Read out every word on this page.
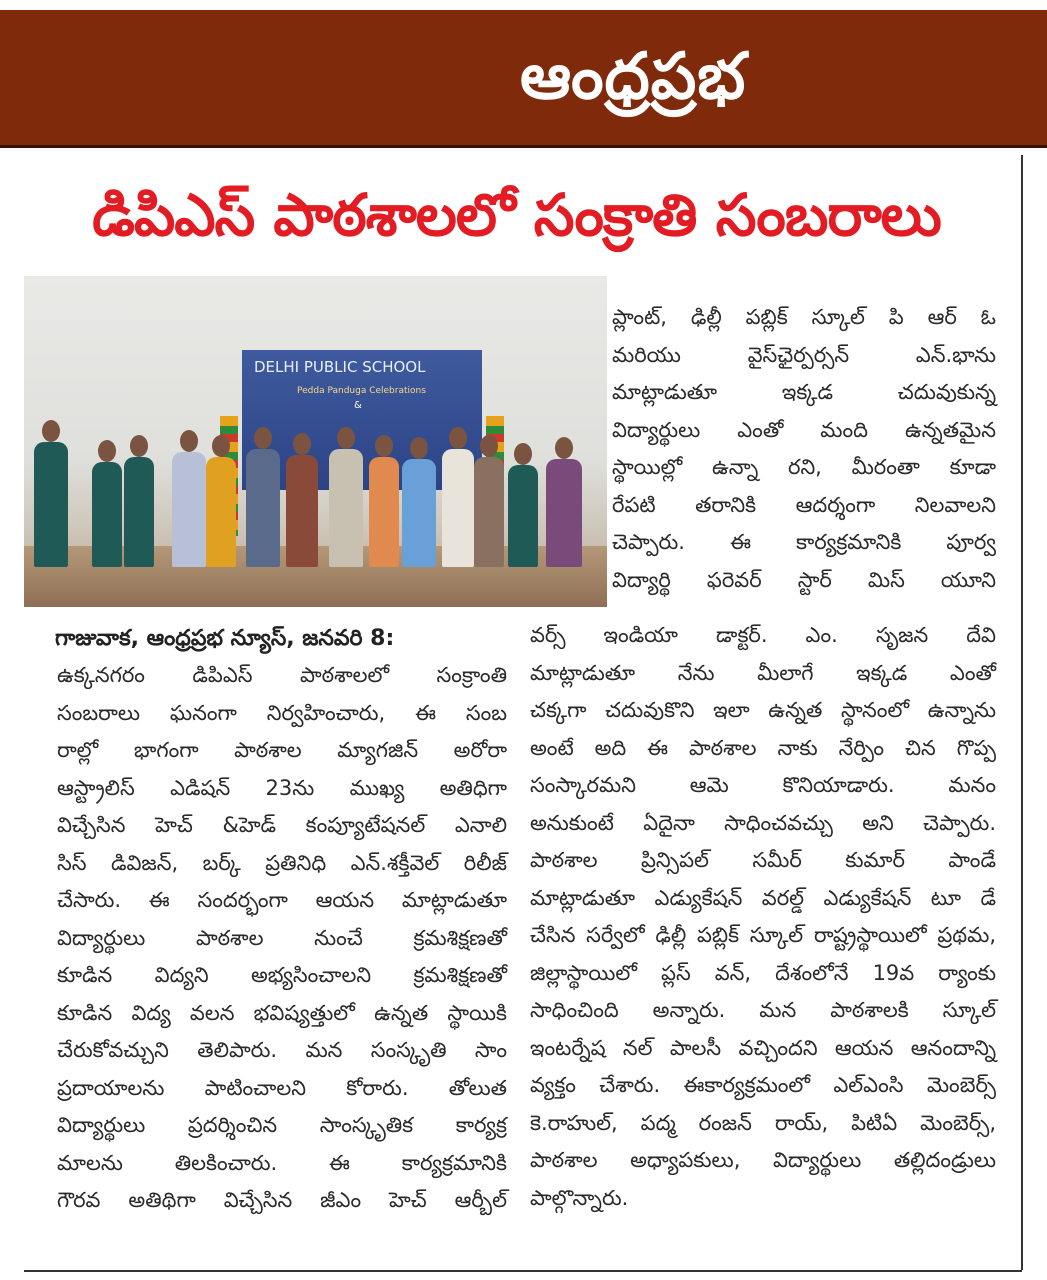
ఆంధ్రప్రభ
డిపిఎస్ పాఠశాలలో సంక్రాతి సంబరాలు
DELHI PUBLIC SCHOOL
Pedda Panduga Celebrations
&
గాజువాక, ఆంధ్రప్రభ న్యూస్, జనవరి 8:
ఉక్కనగరం డిపిఎస్ పాఠశాలలో సంక్రాంతి
సంబరాలు ఘనంగా నిర్వహించారు, ఈ సంబ
రాల్లో భాగంగా పాఠశాల మ్యాగజిన్ అరోరా
ఆస్ట్రాలిస్ ఎడిషన్ 23ను ముఖ్య అతిధిగా
విచ్చేసిన హెచ్ &హెడ్ కంప్యూటేషనల్ ఎనాలి
సిస్ డివిజన్, బర్క్ ప్రతినిధి ఎన్.శక్తీవెల్ రిలీజ్
చేసారు. ఈ సందర్భంగా ఆయన మాట్లాడుతూ
విద్యార్థులు పాఠశాల నుంచే క్రమశిక్షణతో
కూడిన విద్యని అభ్యసించాలని క్రమశిక్షణతో
కూడిన విద్య వలన భవిష్యత్తులో ఉన్నత స్థాయికి
చేరుకోవచ్చుని తెలిపారు. మన సంస్కృతి సాం
ప్రదాయాలను పాటించాలని కోరారు. తోలుత
విద్యార్థులు ప్రదర్శించిన సాంస్కృతిక కార్యక్ర
మాలను తిలకించారు. ఈ కార్యక్రమానికి
గౌరవ అతిథిగా విచ్చేసిన జీఎం హెచ్ ఆర్బీల్
ప్లాంట్, ఢిల్లీ పబ్లిక్ స్కూల్ పి ఆర్ ఓ
మరియు వైస్‌ఛైర్పర్సన్ ఎన్.భాను
మాట్లాడుతూ ఇక్కడ చదువుకున్న
విద్యార్థులు ఎంతో మంది ఉన్నతమైన
స్థాయిల్లో ఉన్నా రని, మీరంతా కూడా
రేపటి తరానికి ఆదర్శంగా నిలవాలని
చెప్పారు. ఈ కార్యక్రమానికి పూర్వ
విద్యార్థి ఫరెవర్ స్టార్ మిస్ యూని
వర్స్ ఇండియా డాక్టర్. ఎం. సృజన దేవి
మాట్లాడుతూ నేను మీలాగే ఇక్కడ ఎంతో
చక్కగా చదువుకొని ఇలా ఉన్నత స్థానంలో ఉన్నాను
అంటే అది ఈ పాఠశాల నాకు నేర్పిం చిన గొప్ప
సంస్కారమని ఆమె కొనియాడారు. మనం
అనుకుంటే ఏదైనా సాధించవచ్చు అని చెప్పారు.
పాఠశాల ప్రిన్సిపల్ సమీర్ కుమార్ పాండే
మాట్లాడుతూ ఎడ్యుకేషన్ వరల్డ్ ఎడ్యుకేషన్ టూ డే
చేసిన సర్వేలో ఢిల్లీ పబ్లిక్ స్కూల్ రాష్ట్రస్థాయిలో ప్రథమ,
జిల్లాస్థాయిలో ప్లస్ వన్, దేశంలోనే 19వ ర్యాంకు
సాధించింది అన్నారు. మన పాఠశాలకి స్కూల్
ఇంటర్నేష నల్ పాలసీ వచ్చిందని ఆయన ఆనందాన్ని
వ్యక్తం చేశారు. ఈకార్యక్రమంలో ఎల్ఎంసి మెంబెర్స్
కె.రాహుల్, పద్మ రంజన్ రాయ్, పిటిఏ మెంబెర్స్,
పాఠశాల అధ్యాపకులు, విద్యార్థులు తల్లిదండ్రులు
పాల్గొన్నారు.
